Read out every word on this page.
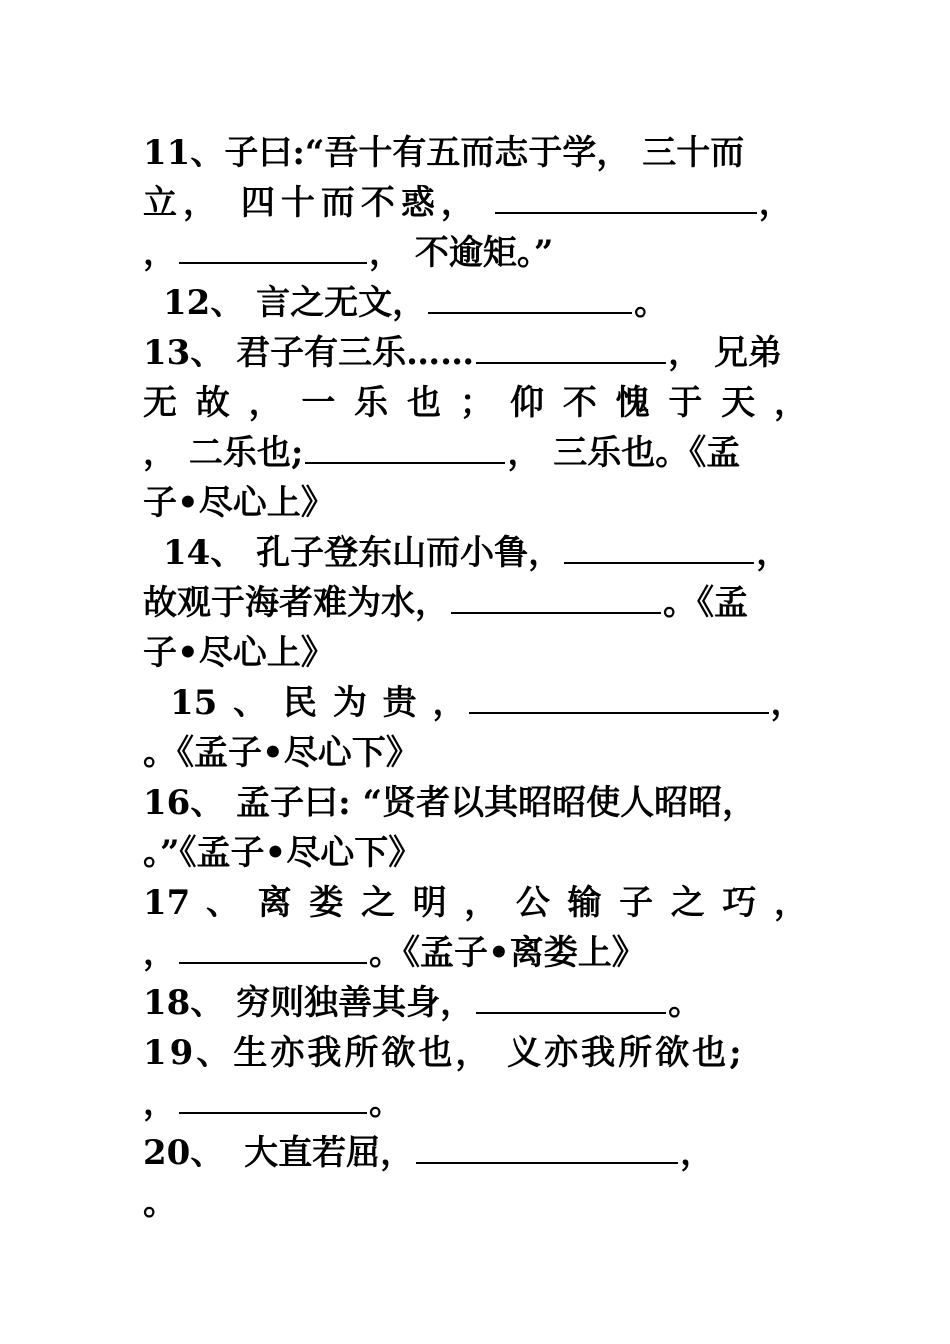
11、子曰:“吾十有五而志于学， 三十而
立， 四十而不惑，	，
，	， 不逾矩。”
12、 言之无文，	。
13、 君子有三乐……	， 兄弟
无 故 ， 一 乐 也 ； 仰 不 愧 于 天 ，
， 二乐也;	， 三乐也。《孟
子•尽心上》
14、 孔子登东山而小鲁，	，
故观于海者难为水，	。《孟
子•尽心上》
15 、 民 为 贵 ，	，
。《孟子•尽心下》
16、 孟子曰: “贤者以其昭昭使人昭昭，
。”《孟子•尽心下》
17 、 离 娄 之 明 ， 公 输 子 之 巧 ，
，	。《孟子•离娄上》
18、 穷则独善其身，	。
19、生亦我所欲也， 义亦我所欲也;
，	。
20、 大直若屈，	，
。
